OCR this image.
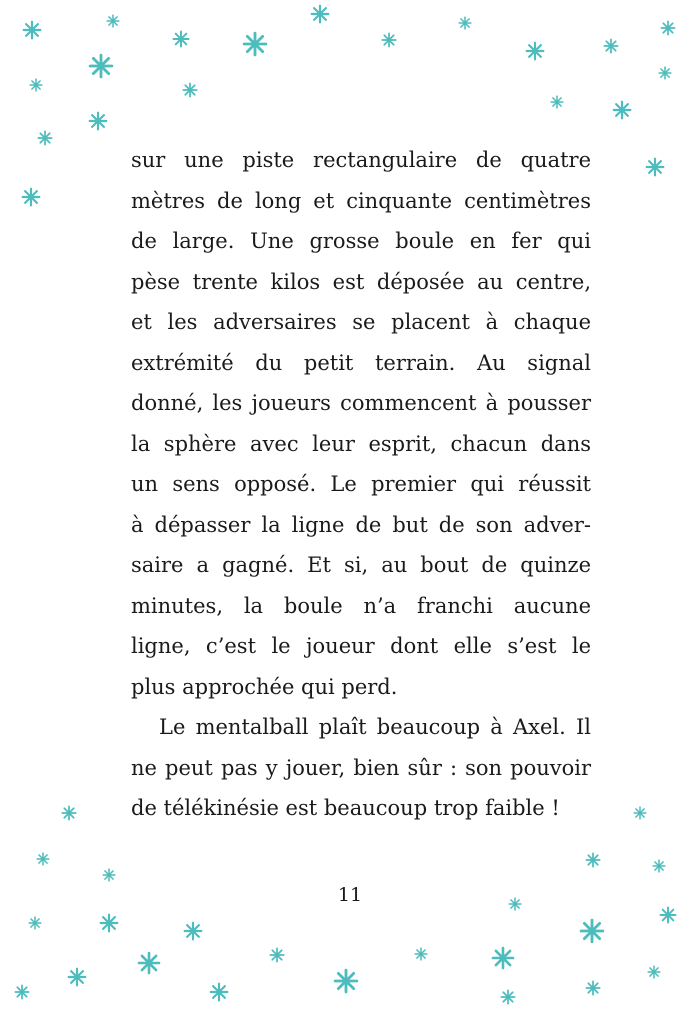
sur une piste rectangulaire de quatre
mètres de long et cinquante centimètres
de large. Une grosse boule en fer qui
pèse trente kilos est déposée au centre,
et les adversaires se placent à chaque
extrémité du petit terrain. Au signal
donné, les joueurs commencent à pousser
la sphère avec leur esprit, chacun dans
un sens opposé. Le premier qui réussit
à dépasser la ligne de but de son adver-
saire a gagné. Et si, au bout de quinze
minutes, la boule n’a franchi aucune
ligne, c’est le joueur dont elle s’est le
plus approchée qui perd.
Le mentalball plaît beaucoup à Axel. Il
ne peut pas y jouer, bien sûr : son pouvoir
de télékinésie est beaucoup trop faible !
11
